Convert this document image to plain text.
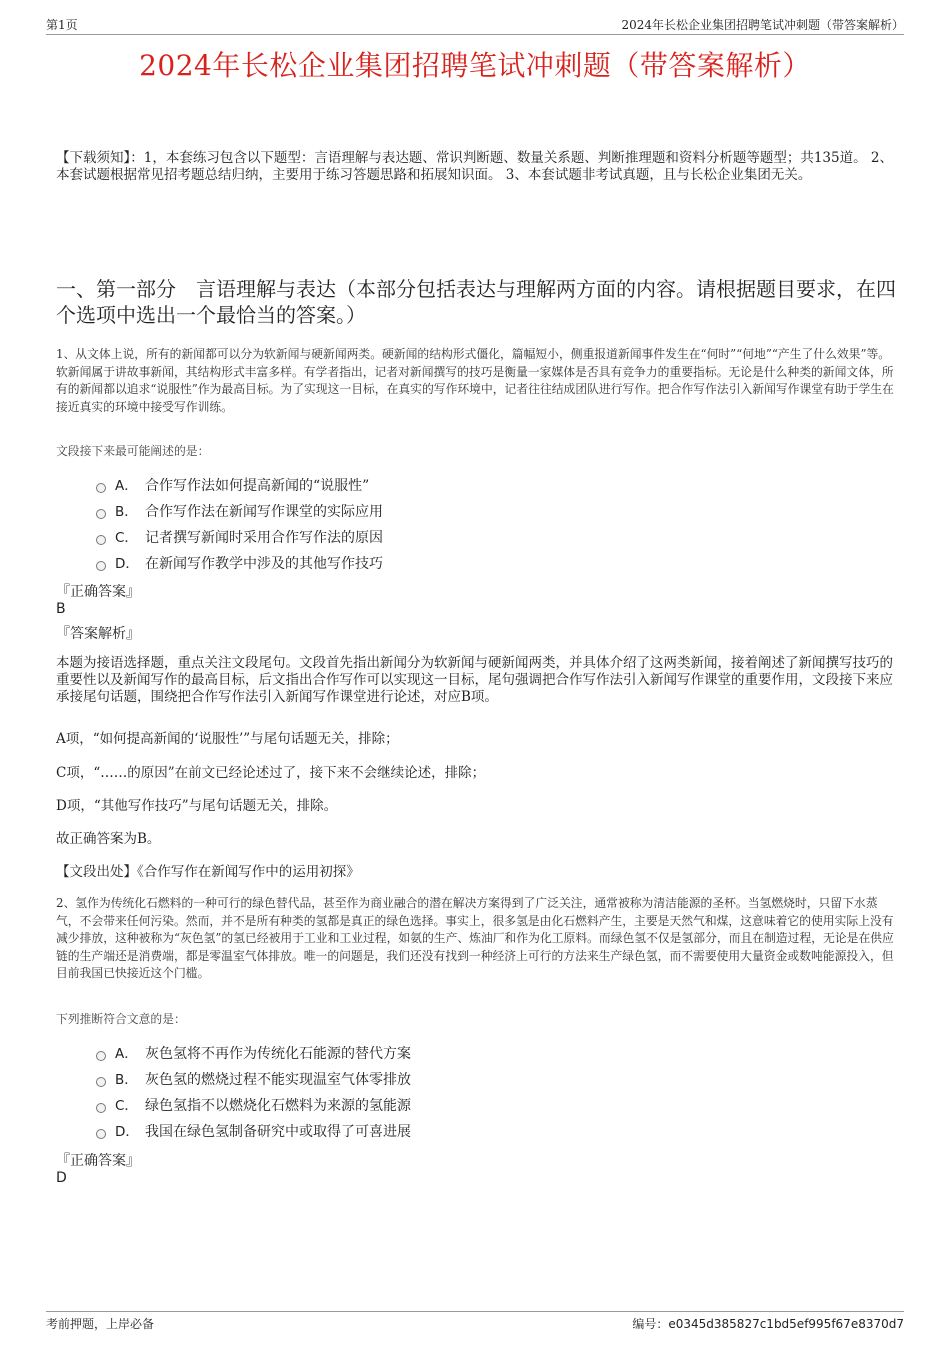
第1页	2024年长松企业集团招聘笔试冲刺题（带答案解析）
2024年长松企业集团招聘笔试冲刺题（带答案解析）
【下载须知】：1，本套练习包含以下题型：言语理解与表达题、常识判断题、数量关系题、判断推理题和资料分析题等题型；共135道。 2、本套试题根据常见招考题总结归纳，主要用于练习答题思路和拓展知识面。 3、本套试题非考试真题，且与长松企业集团无关。
一、第一部分　言语理解与表达（本部分包括表达与理解两方面的内容。请根据题目要求，在四个选项中选出一个最恰当的答案。）
1、从文体上说，所有的新闻都可以分为软新闻与硬新闻两类。硬新闻的结构形式僵化，篇幅短小，侧重报道新闻事件发生在“何时”“何地”“产生了什么效果”等。软新闻属于讲故事新闻，其结构形式丰富多样。有学者指出，记者对新闻撰写的技巧是衡量一家媒体是否具有竞争力的重要指标。无论是什么种类的新闻文体，所有的新闻都以追求“说服性”作为最高目标。为了实现这一目标，在真实的写作环境中，记者往往结成团队进行写作。把合作写作法引入新闻写作课堂有助于学生在接近真实的环境中接受写作训练。
文段接下来最可能阐述的是：
A． 合作写作法如何提高新闻的“说服性”
B． 合作写作法在新闻写作课堂的实际应用
C． 记者撰写新闻时采用合作写作法的原因
D． 在新闻写作教学中涉及的其他写作技巧
『正确答案』
B
『答案解析』
本题为接语选择题，重点关注文段尾句。文段首先指出新闻分为软新闻与硬新闻两类，并具体介绍了这两类新闻，接着阐述了新闻撰写技巧的重要性以及新闻写作的最高目标，后文指出合作写作可以实现这一目标，尾句强调把合作写作法引入新闻写作课堂的重要作用，文段接下来应承接尾句话题，围绕把合作写作法引入新闻写作课堂进行论述，对应B项。
A项，“如何提高新闻的‘说服性’”与尾句话题无关，排除；
C项，“……的原因”在前文已经论述过了，接下来不会继续论述，排除；
D项，“其他写作技巧”与尾句话题无关，排除。
故正确答案为B。
【文段出处】《合作写作在新闻写作中的运用初探》
2、氢作为传统化石燃料的一种可行的绿色替代品，甚至作为商业融合的潜在解决方案得到了广泛关注，通常被称为清洁能源的圣杯。当氢燃烧时，只留下水蒸气，不会带来任何污染。然而，并不是所有种类的氢都是真正的绿色选择。事实上，很多氢是由化石燃料产生，主要是天然气和煤，这意味着它的使用实际上没有减少排放，这种被称为“灰色氢”的氢已经被用于工业和工业过程，如氨的生产、炼油厂和作为化工原料。而绿色氢不仅是氢部分，而且在制造过程，无论是在供应链的生产端还是消费端，都是零温室气体排放。唯一的问题是，我们还没有找到一种经济上可行的方法来生产绿色氢，而不需要使用大量资金或数吨能源投入，但目前我国已快接近这个门槛。
下列推断符合文意的是：
A． 灰色氢将不再作为传统化石能源的替代方案
B． 灰色氢的燃烧过程不能实现温室气体零排放
C． 绿色氢指不以燃烧化石燃料为来源的氢能源
D． 我国在绿色氢制备研究中或取得了可喜进展
『正确答案』
D
考前押题，上岸必备	编号：e0345d385827c1bd5ef995f67e8370d7
